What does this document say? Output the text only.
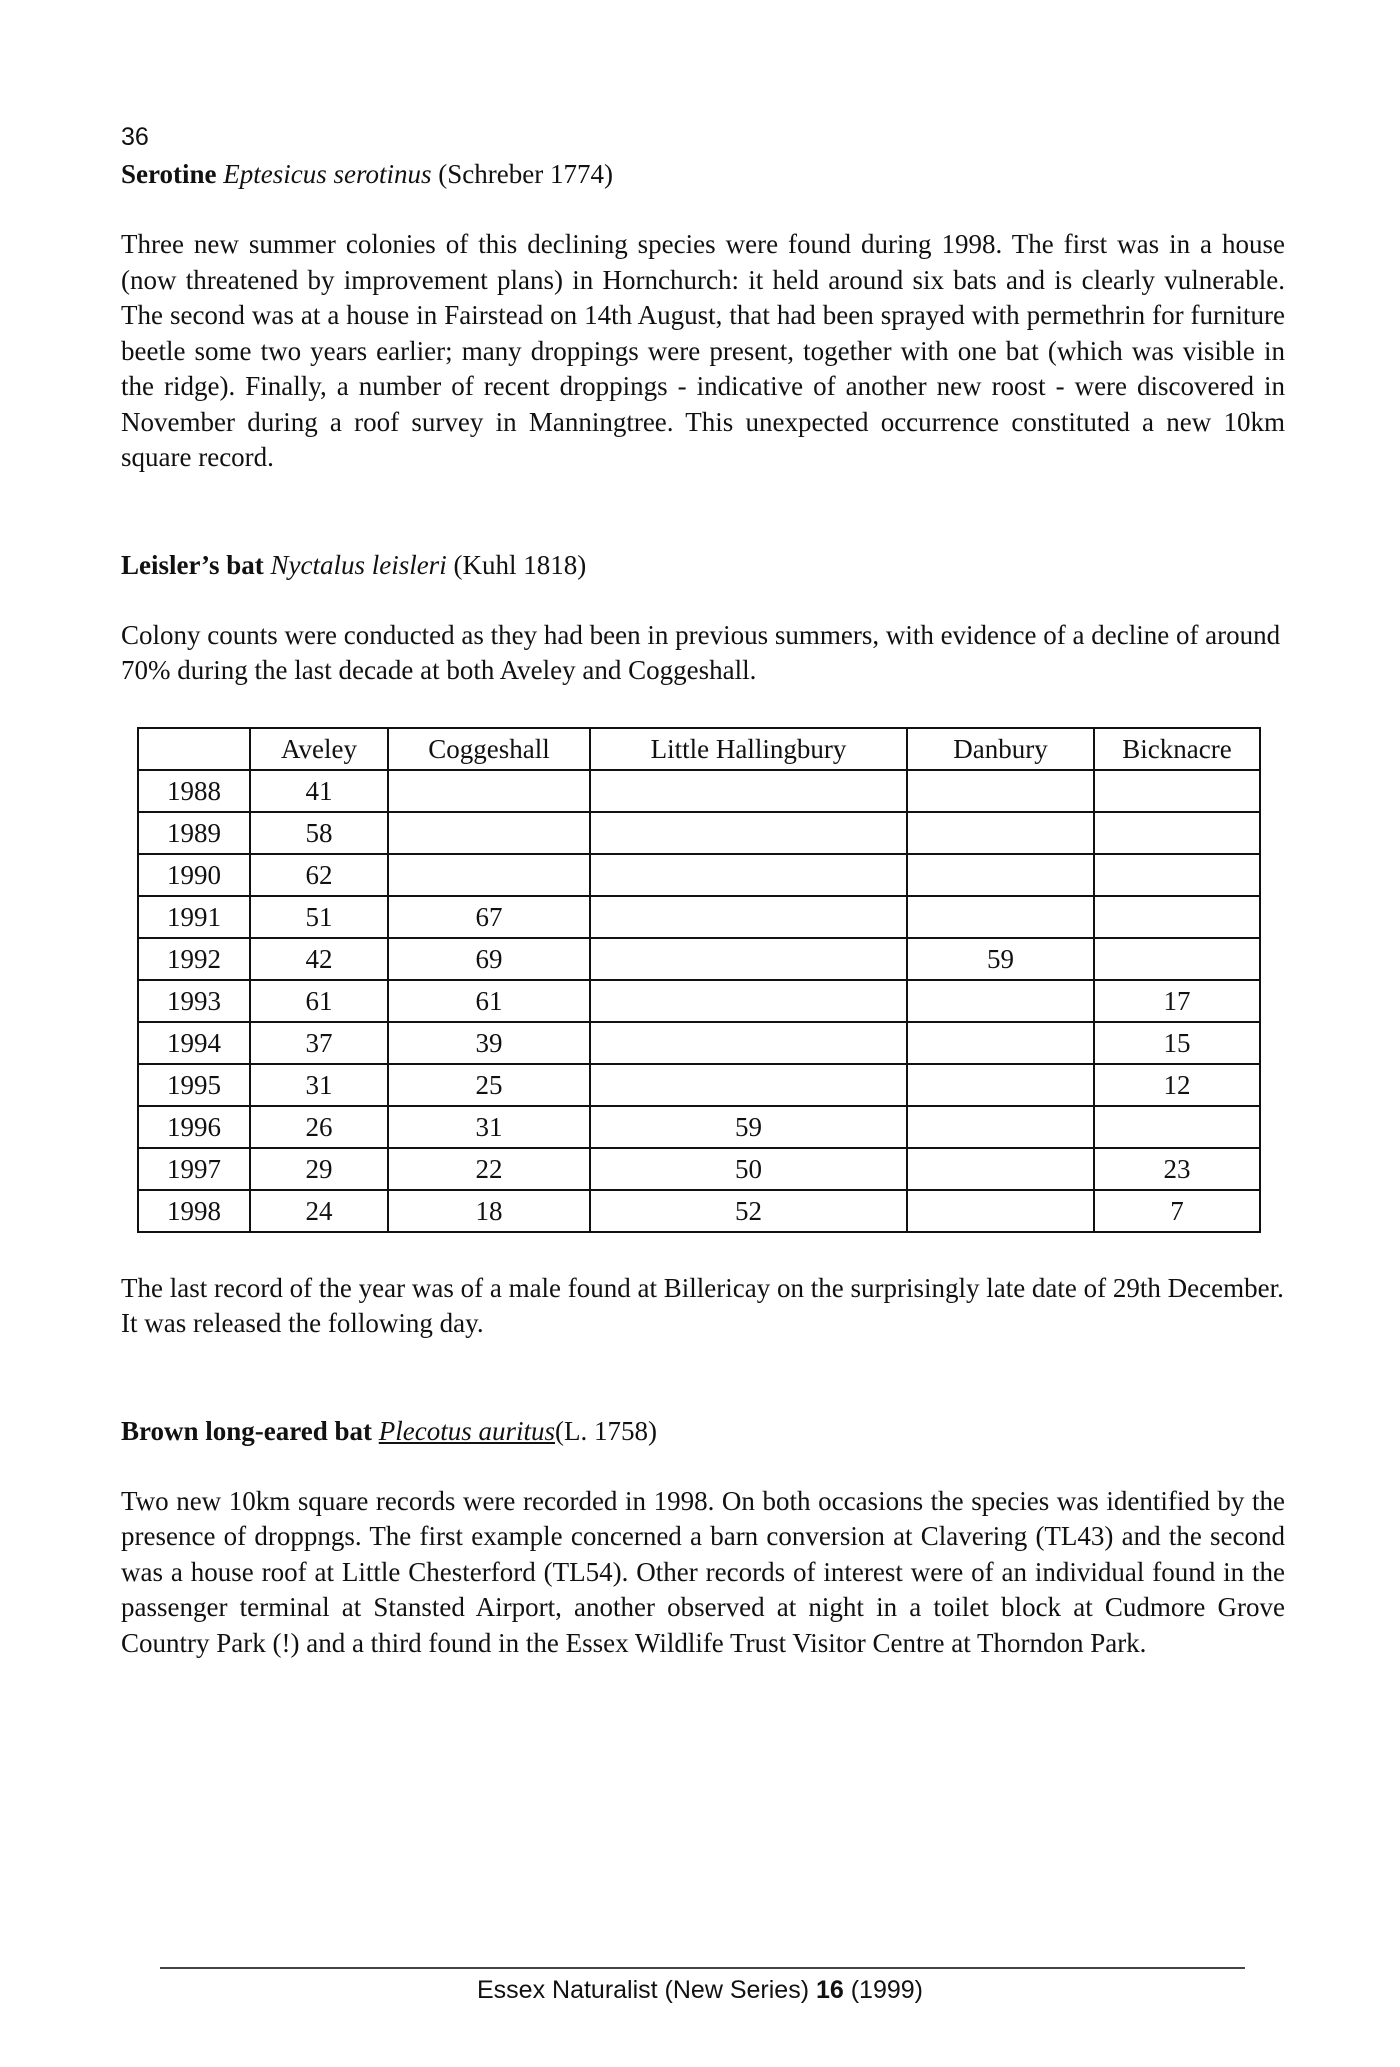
36

Serotine Eptesicus serotinus (Schreber 1774)

Three new summer colonies of this declining species were found during 1998. The first was in a house (now threatened by improvement plans) in Hornchurch: it held around six bats and is clearly vulnerable. The second was at a house in Fairstead on 14th August, that had been sprayed with permethrin for furniture beetle some two years earlier; many droppings were present, together with one bat (which was visible in the ridge). Finally, a number of recent droppings - indicative of another new roost - were discovered in November during a roof survey in Manningtree. This unexpected occurrence constituted a new 10km square record.

Leisler’s bat Nyctalus leisleri (Kuhl 1818)

Colony counts were conducted as they had been in previous summers, with evidence of a decline of around 70% during the last decade at both Aveley and Coggeshall.

	Aveley	Coggeshall	Little Hallingbury	Danbury	Bicknacre
1988	41				
1989	58				
1990	62				
1991	51	67			
1992	42	69		59	
1993	61	61			17
1994	37	39			15
1995	31	25			12
1996	26	31	59		
1997	29	22	50		23
1998	24	18	52		7

The last record of the year was of a male found at Billericay on the surprisingly late date of 29th December. It was released the following day.

Brown long-eared bat Plecotus auritus(L. 1758)

Two new 10km square records were recorded in 1998. On both occasions the species was identified by the presence of droppngs. The first example concerned a barn conversion at Clavering (TL43) and the second was a house roof at Little Chesterford (TL54). Other records of interest were of an individual found in the passenger terminal at Stansted Airport, another observed at night in a toilet block at Cudmore Grove Country Park (!) and a third found in the Essex Wildlife Trust Visitor Centre at Thorndon Park.

Essex Naturalist (New Series) 16 (1999)
